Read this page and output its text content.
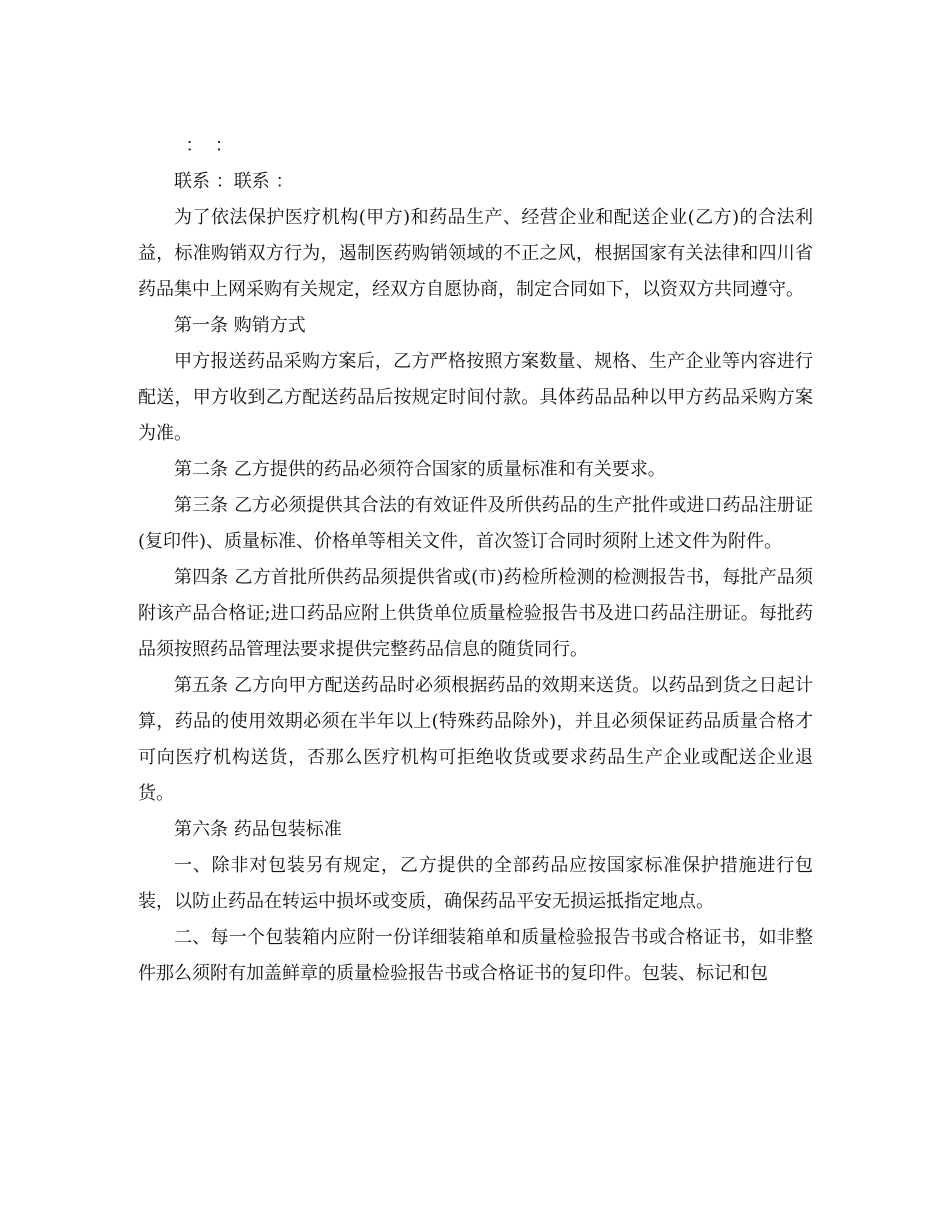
：  ：

联系 ：联系 ：

为了依法保护医疗机构(甲方)和药品生产、经营企业和配送企业(乙方)的合法利益，标准购销双方行为，遏制医药购销领域的不正之风，根据国家有关法律和四川省药品集中上网采购有关规定，经双方自愿协商，制定合同如下，以资双方共同遵守。

第一条 购销方式

甲方报送药品采购方案后，乙方严格按照方案数量、规格、生产企业等内容进行配送，甲方收到乙方配送药品后按规定时间付款。具体药品品种以甲方药品采购方案为准。

第二条 乙方提供的药品必须符合国家的质量标准和有关要求。

第三条 乙方必须提供其合法的有效证件及所供药品的生产批件或进口药品注册证(复印件)、质量标准、价格单等相关文件，首次签订合同时须附上述文件为附件。

第四条 乙方首批所供药品须提供省或(市)药检所检测的检测报告书，每批产品须附该产品合格证;进口药品应附上供货单位质量检验报告书及进口药品注册证。每批药品须按照药品管理法要求提供完整药品信息的随货同行。

第五条 乙方向甲方配送药品时必须根据药品的效期来送货。以药品到货之日起计算，药品的使用效期必须在半年以上(特殊药品除外)，并且必须保证药品质量合格才可向医疗机构送货，否那么医疗机构可拒绝收货或要求药品生产企业或配送企业退货。

第六条 药品包装标准

一、除非对包装另有规定，乙方提供的全部药品应按国家标准保护措施进行包装，以防止药品在转运中损坏或变质，确保药品平安无损运抵指定地点。

二、每一个包装箱内应附一份详细装箱单和质量检验报告书或合格证书，如非整件那么须附有加盖鲜章的质量检验报告书或合格证书的复印件。包装、标记和包
